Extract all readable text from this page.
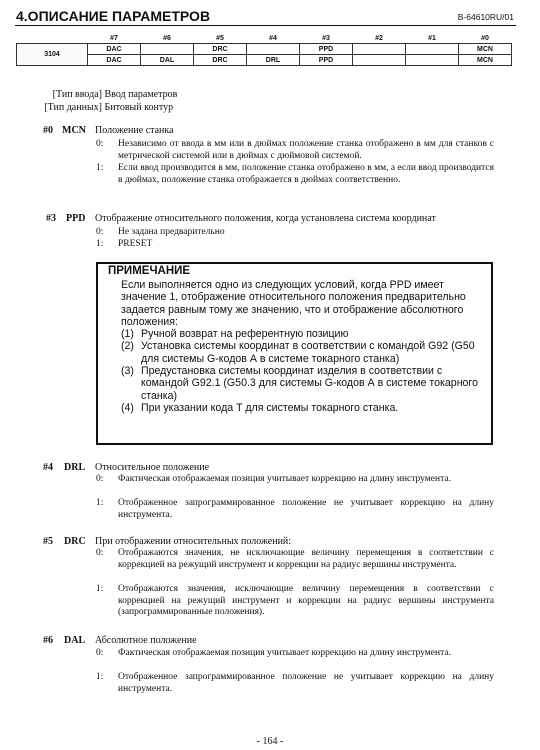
4.ОПИСАНИЕ ПАРАМЕТРОВ	B-64610RU/01
	#7	#6	#5	#4	#3	#2	#1	#0
3104	DAC		DRC		PPD			MCN
	DAC	DAL	DRC	DRL	PPD			MCN
[Тип ввода] Ввод параметров
[Тип данных] Битовый контур
#0 MCN Положение станка
0: Независимо от ввода в мм или в дюймах положение станка отображено в мм для станков с метрической системой или в дюймах с дюймовой системой.
1: Если ввод производится в мм, положение станка отображено в мм, а если ввод производится в дюймах, положение станка отображается в дюймах соответственно.
#3 PPD Отображение относительного положения, когда установлена система координат
0: Не задана предварительно
1: PRESET
ПРИМЕЧАНИЕ
Если выполняется одно из следующих условий, когда PPD имеет значение 1, отображение относительного положения предварительно задается равным тому же значению, что и отображение абсолютного положения:
(1) Ручной возврат на референтную позицию
(2) Установка системы координат в соответствии с командой G92 (G50 для системы G-кодов А в системе токарного станка)
(3) Предустановка системы координат изделия в соответствии с командой G92.1 (G50.3 для системы G-кодов А в системе токарного станка)
(4) При указании кода T для системы токарного станка.
#4 DRL Относительное положение
0: Фактическая отображаемая позиция учитывает коррекцию на длину инструмента.
1: Отображенное запрограммированное положение не учитывает коррекцию на длину инструмента.
#5 DRC При отображении относительных положений:
0: Отображаются значения, не исключающие величину перемещения в соответствии с коррекцией на режущий инструмент и коррекции на радиус вершины инструмента.
1: Отображаются значения, исключающие величину перемещения в соответствии с коррекцией на режущий инструмент и коррекции на радиус вершины инструмента (запрограммированные положения).
#6 DAL Абсолютное положение
0: Фактическая отображаемая позиция учитывает коррекцию на длину инструмента.
1: Отображенное запрограммированное положение не учитывает коррекцию на длину инструмента.
- 164 -
